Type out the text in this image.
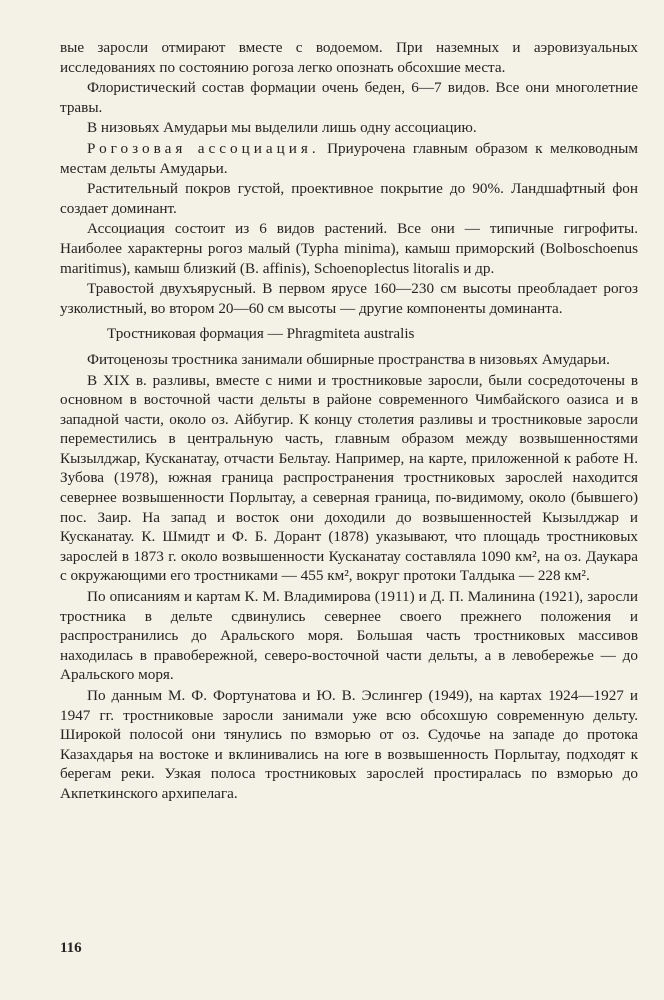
вые заросли отмирают вместе с водоемом. При наземных и аэровизуальных исследованиях по состоянию рогоза легко опознать обсохшие места.

Флористический состав формации очень беден, 6—7 видов. Все они многолетние травы.

В низовьях Амударьи мы выделили лишь одну ассоциацию.

Рогозовая ассоциация. Приурочена главным образом к мелководным местам дельты Амударьи.

Растительный покров густой, проективное покрытие до 90%. Ландшафтный фон создает доминант.

Ассоциация состоит из 6 видов растений. Все они — типичные гигрофиты. Наиболее характерны рогоз малый (Typha minima), камыш приморский (Bolboschoenus maritimus), камыш близкий (B. affinis), Schoenoplectus litoralis и др.

Травостой двухъярусный. В первом ярусе 160—230 см высоты преобладает рогоз узколистный, во втором 20—60 см высоты — другие компоненты доминанта.

Тростниковая формация — Phragmiteta australis

Фитоценозы тростника занимали обширные пространства в низовьях Амударьи.

В XIX в. разливы, вместе с ними и тростниковые заросли, были сосредоточены в основном в восточной части дельты в районе современного Чимбайского оазиса и в западной части, около оз. Айбугир. К концу столетия разливы и тростниковые заросли переместились в центральную часть, главным образом между возвышенностями Кызылджар, Кусканатау, отчасти Бельтау. Например, на карте, приложенной к работе Н. Зубова (1978), южная граница распространения тростниковых зарослей находится севернее возвышенности Порлытау, а северная граница, по-видимому, около (бывшего) пос. Заир. На запад и восток они доходили до возвышенностей Кызылджар и Кусканатау. К. Шмидт и Ф. Б. Дорант (1878) указывают, что площадь тростниковых зарослей в 1873 г. около возвышенности Кусканатау составляла 1090 км², на оз. Даукара с окружающими его тростниками — 455 км², вокруг протоки Талдыка — 228 км².

По описаниям и картам К. М. Владимирова (1911) и Д. П. Малинина (1921), заросли тростника в дельте сдвинулись севернее своего прежнего положения и распространились до Аральского моря. Большая часть тростниковых массивов находилась в правобережной, северо-восточной части дельты, а в левобережье — до Аральского моря.

По данным М. Ф. Фортунатова и Ю. В. Эслингер (1949), на картах 1924—1927 и 1947 гг. тростниковые заросли занимали уже всю обсохшую современную дельту. Широкой полосой они тянулись по взморью от оз. Судочье на западе до протока Казахдарья на востоке и вклинивались на юге в возвышенность Порлытау, подходят к берегам реки. Узкая полоса тростниковых зарослей простиралась по взморью до Акпеткинского архипелага.

116
